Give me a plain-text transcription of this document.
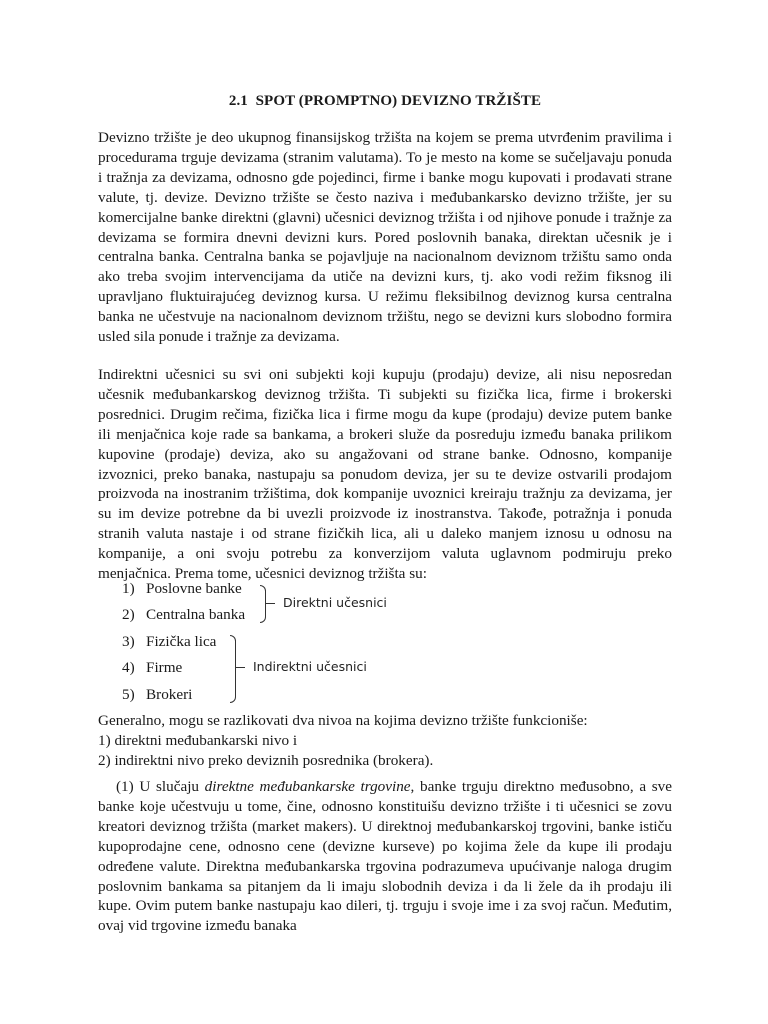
2.1  SPOT (PROMPTNO) DEVIZNO TRŽIŠTE

Devizno tržište je deo ukupnog finansijskog tržišta na kojem se prema utvrđenim pravilima i procedurama trguje devizama (stranim valutama). To je mesto na kome se sučeljavaju ponuda i tražnja za devizama, odnosno gde pojedinci, firme i banke mogu kupovati i prodavati strane valute, tj. devize. Devizno tržište se često naziva i međubankarsko devizno tržište, jer su komercijalne banke direktni (glavni) učesnici deviznog tržišta i od njihove ponude i tražnje za devizama se formira dnevni devizni kurs. Pored poslovnih banaka, direktan učesnik je i centralna banka. Centralna banka se pojavljuje na nacionalnom deviznom tržištu samo onda ako treba svojim intervencijama da utiče na devizni kurs, tj. ako vodi režim fiksnog ili upravljano fluktuirajućeg deviznog kursa. U režimu fleksibilnog deviznog kursa centralna banka ne učestvuje na nacionalnom deviznom tržištu, nego se devizni kurs slobodno formira usled sila ponude i tražnje za devizama.

Indirektni učesnici su svi oni subjekti koji kupuju (prodaju) devize, ali nisu neposredan učesnik međubankarskog deviznog tržišta. Ti subjekti su fizička lica, firme i brokerski posrednici. Drugim rečima, fizička lica i firme mogu da kupe (prodaju) devize putem banke ili menjačnica koje rade sa bankama, a brokeri služe da posreduju između banaka prilikom kupovine (prodaje) deviza, ako su angažovani od strane banke. Odnosno, kompanije izvoznici, preko banaka, nastupaju sa ponudom deviza, jer su te devize ostvarili prodajom proizvoda na inostranim tržištima, dok kompanije uvoznici kreiraju tražnju za devizama, jer su im devize potrebne da bi uvezli proizvode iz inostranstva. Takođe, potražnja i ponuda stranih valuta nastaje i od strane fizičkih lica, ali u daleko manjem iznosu u odnosu na kompanije, a oni svoju potrebu za konverzijom valuta uglavnom podmiruju preko menjačnica. Prema tome, učesnici deviznog tržišta su:

1) Poslovne banke
2) Centralna banka
3) Fizička lica
4) Firme
5) Brokeri
Direktni učesnici
Indirektni učesnici

Generalno, mogu se razlikovati dva nivoa na kojima devizno tržište funkcioniše:

1) direktni međubankarski nivo i

2) indirektni nivo preko deviznih posrednika (brokera).

(1) U slučaju direktne međubankarske trgovine, banke trguju direktno međusobno, a sve banke koje učestvuju u tome, čine, odnosno konstituišu devizno tržište i ti učesnici se zovu kreatori deviznog tržišta (market makers). U direktnoj međubankarskoj trgovini, banke ističu kupoprodajne cene, odnosno cene (devizne kurseve) po kojima žele da kupe ili prodaju određene valute. Direktna međubankarska trgovina podrazumeva upućivanje naloga drugim poslovnim bankama sa pitanjem da li imaju slobodnih deviza i da li žele da ih prodaju ili kupe. Ovim putem banke nastupaju kao dileri, tj. trguju i svoje ime i za svoj račun. Međutim, ovaj vid trgovine između banaka
